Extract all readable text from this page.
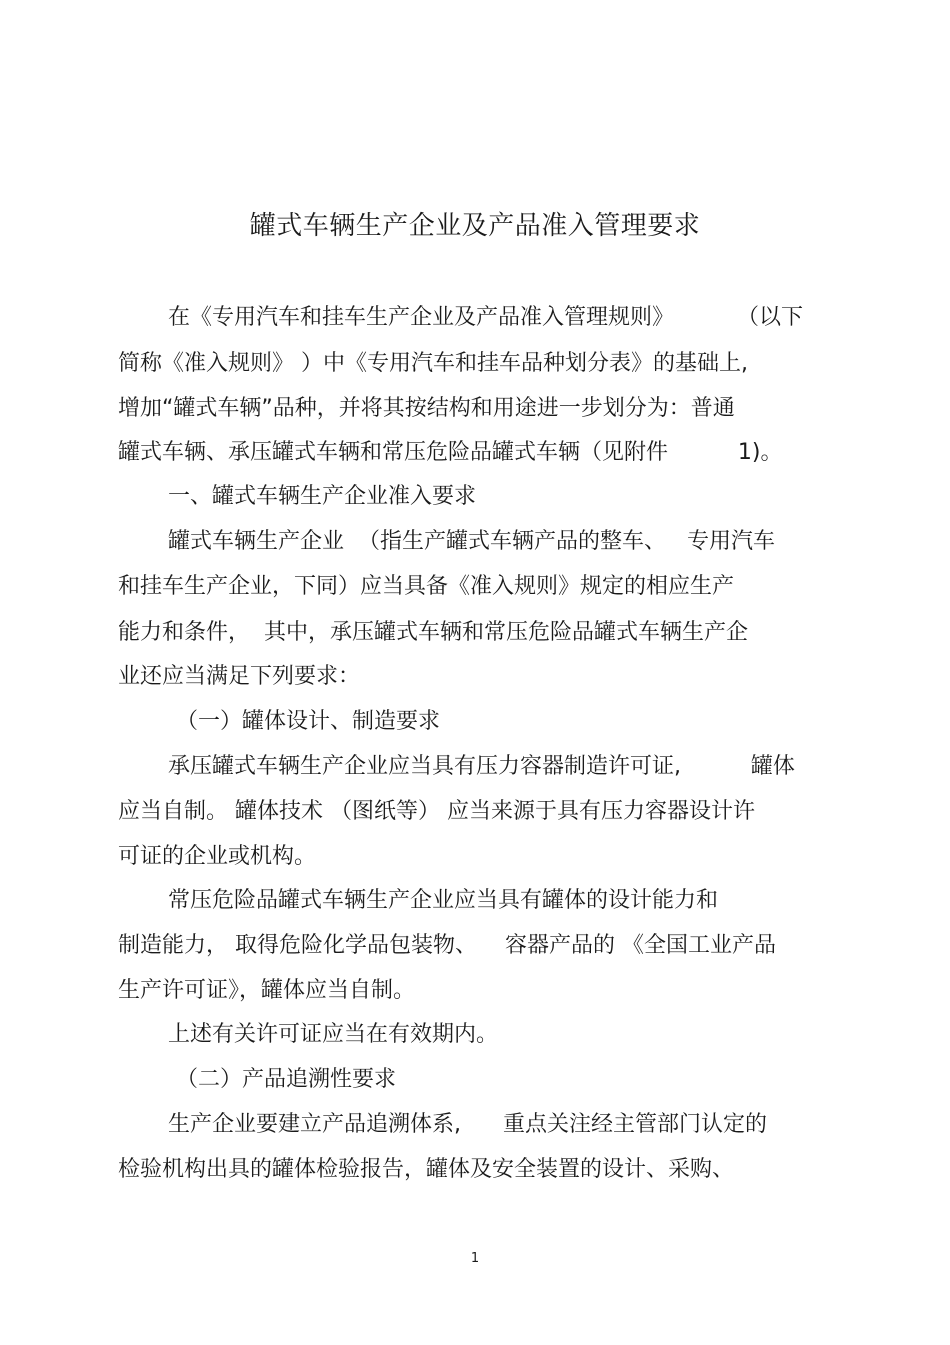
罐式车辆生产企业及产品准入管理要求
在《专用汽车和挂车生产企业及产品准入管理规则》         （以下
简称《准入规则》 ）中《专用汽车和挂车品种划分表》的基础上,
增加“罐式车辆”品种，并将其按结构和用途进一步划分为：普通
罐式车辆、承压罐式车辆和常压危险品罐式车辆（见附件          1)。
一、罐式车辆生产企业准入要求
罐式车辆生产企业  （指生产罐式车辆产品的整车、   专用汽车
和挂车生产企业，下同）应当具备《准入规则》规定的相应生产
能力和条件，  其中，承压罐式车辆和常压危险品罐式车辆生产企
业还应当满足下列要求：
（一）罐体设计、制造要求
承压罐式车辆生产企业应当具有压力容器制造许可证,          罐体
应当自制。 罐体技术 （图纸等） 应当来源于具有压力容器设计许
可证的企业或机构。
常压危险品罐式车辆生产企业应当具有罐体的设计能力和
制造能力， 取得危险化学品包装物、    容器产品的 《全国工业产品
生产许可证》，罐体应当自制。
上述有关许可证应当在有效期内。
（二）产品追溯性要求
生产企业要建立产品追溯体系,      重点关注经主管部门认定的
检验机构出具的罐体检验报告，罐体及安全装置的设计、采购、
1
